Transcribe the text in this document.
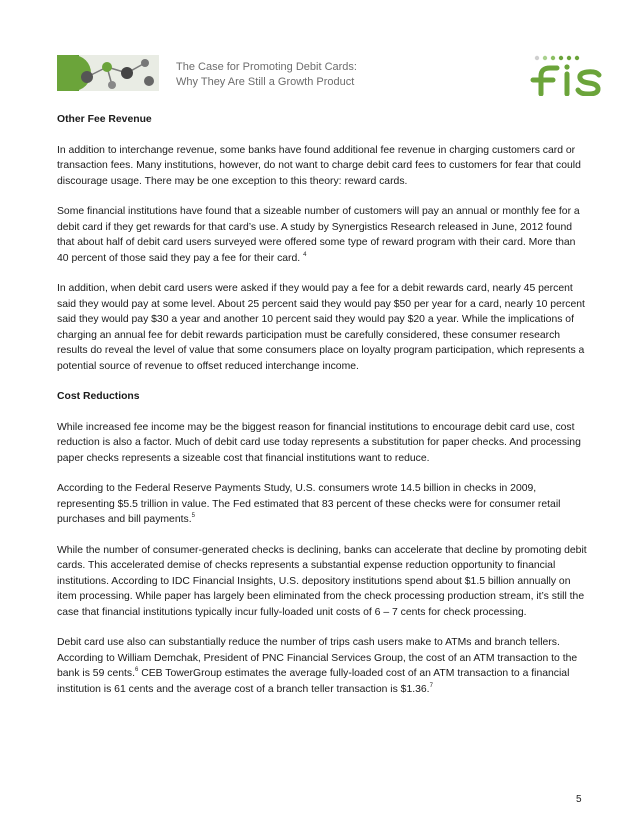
The Case for Promoting Debit Cards:
Why They Are Still a Growth Product
Other Fee Revenue

In addition to interchange revenue, some banks have found additional fee revenue in charging customers card or transaction fees. Many institutions, however, do not want to charge debit card fees to customers for fear that could discourage usage. There may be one exception to this theory: reward cards.

Some financial institutions have found that a sizeable number of customers will pay an annual or monthly fee for a debit card if they get rewards for that card’s use. A study by Synergistics Research released in June, 2012 found that about half of debit card users surveyed were offered some type of reward program with their card. More than 40 percent of those said they pay a fee for their card. $^4$

In addition, when debit card users were asked if they would pay a fee for a debit rewards card, nearly 45 percent said they would pay at some level. About 25 percent said they would pay $50 per year for a card, nearly 10 percent said they would pay $30 a year and another 10 percent said they would pay $20 a year. While the implications of charging an annual fee for debit rewards participation must be carefully considered, these consumer research results do reveal the level of value that some consumers place on loyalty program participation, which represents a potential source of revenue to offset reduced interchange income.

Cost Reductions

While increased fee income may be the biggest reason for financial institutions to encourage debit card use, cost reduction is also a factor. Much of debit card use today represents a substitution for paper checks. And processing paper checks represents a sizeable cost that financial institutions want to reduce.

According to the Federal Reserve Payments Study, U.S. consumers wrote 14.5 billion in checks in 2009, representing $5.5 trillion in value. The Fed estimated that 83 percent of these checks were for consumer retail purchases and bill payments.$^5$

While the number of consumer-generated checks is declining, banks can accelerate that decline by promoting debit cards. This accelerated demise of checks represents a substantial expense reduction opportunity to financial institutions. According to IDC Financial Insights, U.S. depository institutions spend about $1.5 billion annually on item processing. While paper has largely been eliminated from the check processing production stream, it’s still the case that financial institutions typically incur fully-loaded unit costs of 6 – 7 cents for check processing.

Debit card use also can substantially reduce the number of trips cash users make to ATMs and branch tellers. According to William Demchak, President of PNC Financial Services Group, the cost of an ATM transaction to the bank is 59 cents.$^6$ CEB TowerGroup estimates the average fully-loaded cost of an ATM transaction to a financial institution is 61 cents and the average cost of a branch teller transaction is $1.36.$^7$

5
